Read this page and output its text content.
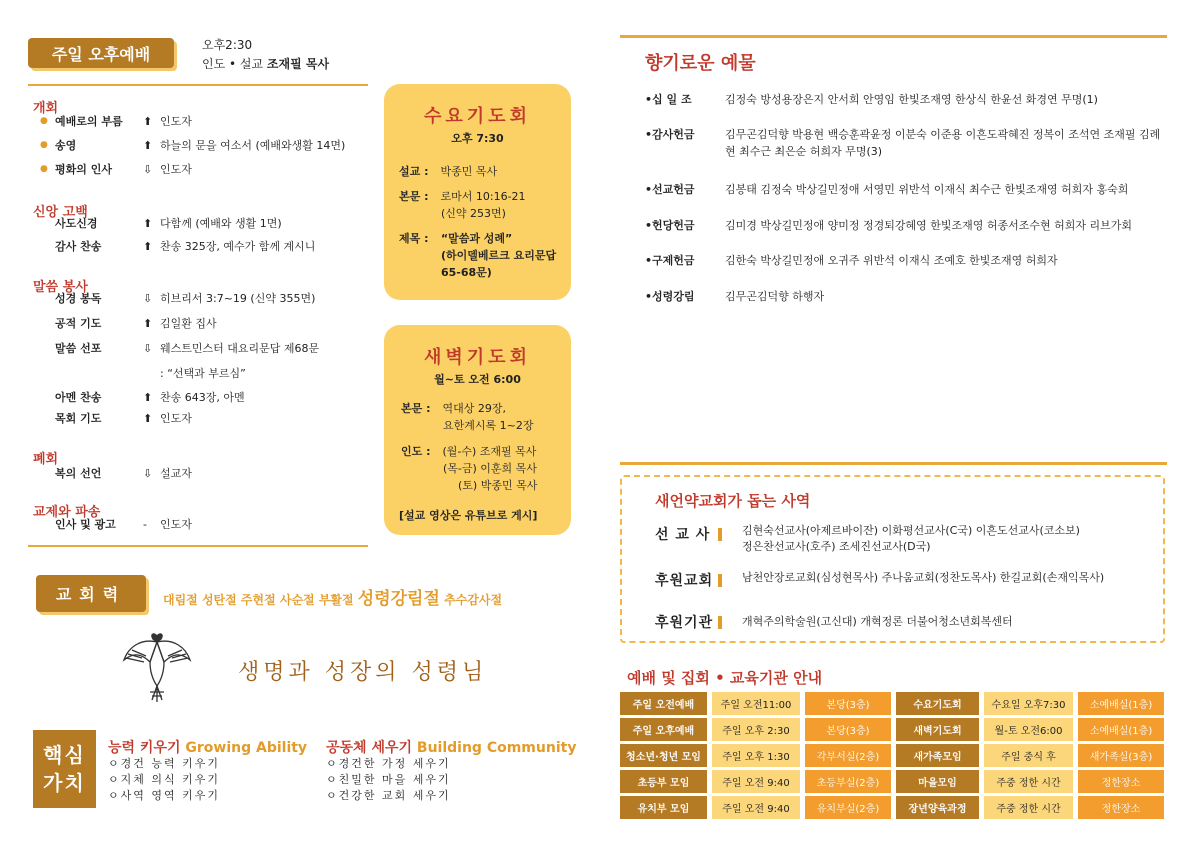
주일 오후예배	오후2:30
인도 • 설교 조재필 목사
개회
● 예배로의 부름 ⬆ 인도자
● 송영	⬆ 하늘의 문을 여소서 (예배와생활 14면)
● 평화의 인사	⇩ 인도자
신앙 고백
사도신경	⬆ 다함께 (예배와 생활 1면)
감사 찬송	⬆ 찬송 325장, 예수가 함께 계시니
말씀 봉사
성경 봉독	⇩ 히브리서 3:7~19 (신약 355면)
공적 기도	⬆ 김일환 집사
말씀 선포	⇩ 웨스트민스터 대요리문답 제68문
: “선택과 부르심”
아멘 찬송	⬆ 찬송 643장, 아멘
목회 기도	⬆ 인도자
폐회
복의 선언	⇩ 설교자
교제와 파송
인사 및 광고 - 인도자
수요기도회
오후 7:30
설교 : 박종민 목사
본문 : 로마서 10:16-21
(신약 253면)
제목 : “말씀과 성례”
(하이델베르크 요리문답
65-68문)
새벽기도회
월~토 오전 6:00
본문 : 역대상 29장,
요한계시록 1~2장
인도 : (월-수) 조재필 목사
(목-금) 이훈희 목사
(토) 박종민 목사
[설교 영상은 유튜브로 게시]
교회력	대림절 성탄절 주현절 사순절 부활절 성령강림절 추수감사절
생명과 성장의 성령님
핵심
가치
능력 키우기 Growing Ability
ㅇ경건 능력 키우기
ㅇ지체 의식 키우기
ㅇ사역 영역 키우기
공동체 세우기 Building Community
ㅇ경건한 가정 세우기
ㅇ친밀한 마을 세우기
ㅇ건강한 교회 세우기
향기로운 예물
•십 일 조	김정숙 방성용장은지 안서희 안영임 한빛조재영 한상식 한윤선 화경연 무명(1)
•감사헌금	김무곤김덕향 박용현 백승훈곽윤정 이분숙 이준용 이흔도곽혜진 정복이 조석연 조재필 김례현 최수근 최은순 허희자 무명(3)
•선교헌금	김봉태 김정숙 박상길민정애 서영민 위반석 이재식 최수근 한빛조재영 허희자 홍숙희
•헌당헌금	김미경 박상길민정애 양미정 정경퇴강혜영 한빛조재영 허종서조수현 허희자 리브가회
•구제헌금	김한숙 박상길민정애 오귀주 위반석 이재식 조예호 한빛조재영 허희자
•성령강림	김무곤김덕향 하행자
새언약교회가 돕는 사역
선 교 사	김현숙선교사(아제르바이잔) 이화평선교사(C국) 이흔도선교사(코소보)
정은찬선교사(호주) 조세진선교사(D국)
후원교회	남천안장로교회(심성현목사) 주나움교회(정찬도목사) 한길교회(손재익목사)
후원기관	개혁주의학술원(고신대) 개혁정론 더불어청소년회복센터
예배 및 집회 • 교육기관 안내
주일 오전예배	주일 오전11:00	본당(3층)	수요기도회	수요일 오후7:30	소예배실(1층)
주일 오후예배	주일 오후 2:30	본당(3층)	새벽기도회	월-토 오전6:00	소예배실(1층)
청소년·청년 모임	주일 오후 1:30	각부서실(2층)	새가족모임	주일 중식 후	새가족실(3층)
초등부 모임	주일 오전 9:40	초등부실(2층)	마을모임	주중 정한 시간	정한장소
유치부 모임	주일 오전 9:40	유치부실(2층)	장년양육과정	주중 정한 시간	정한장소
